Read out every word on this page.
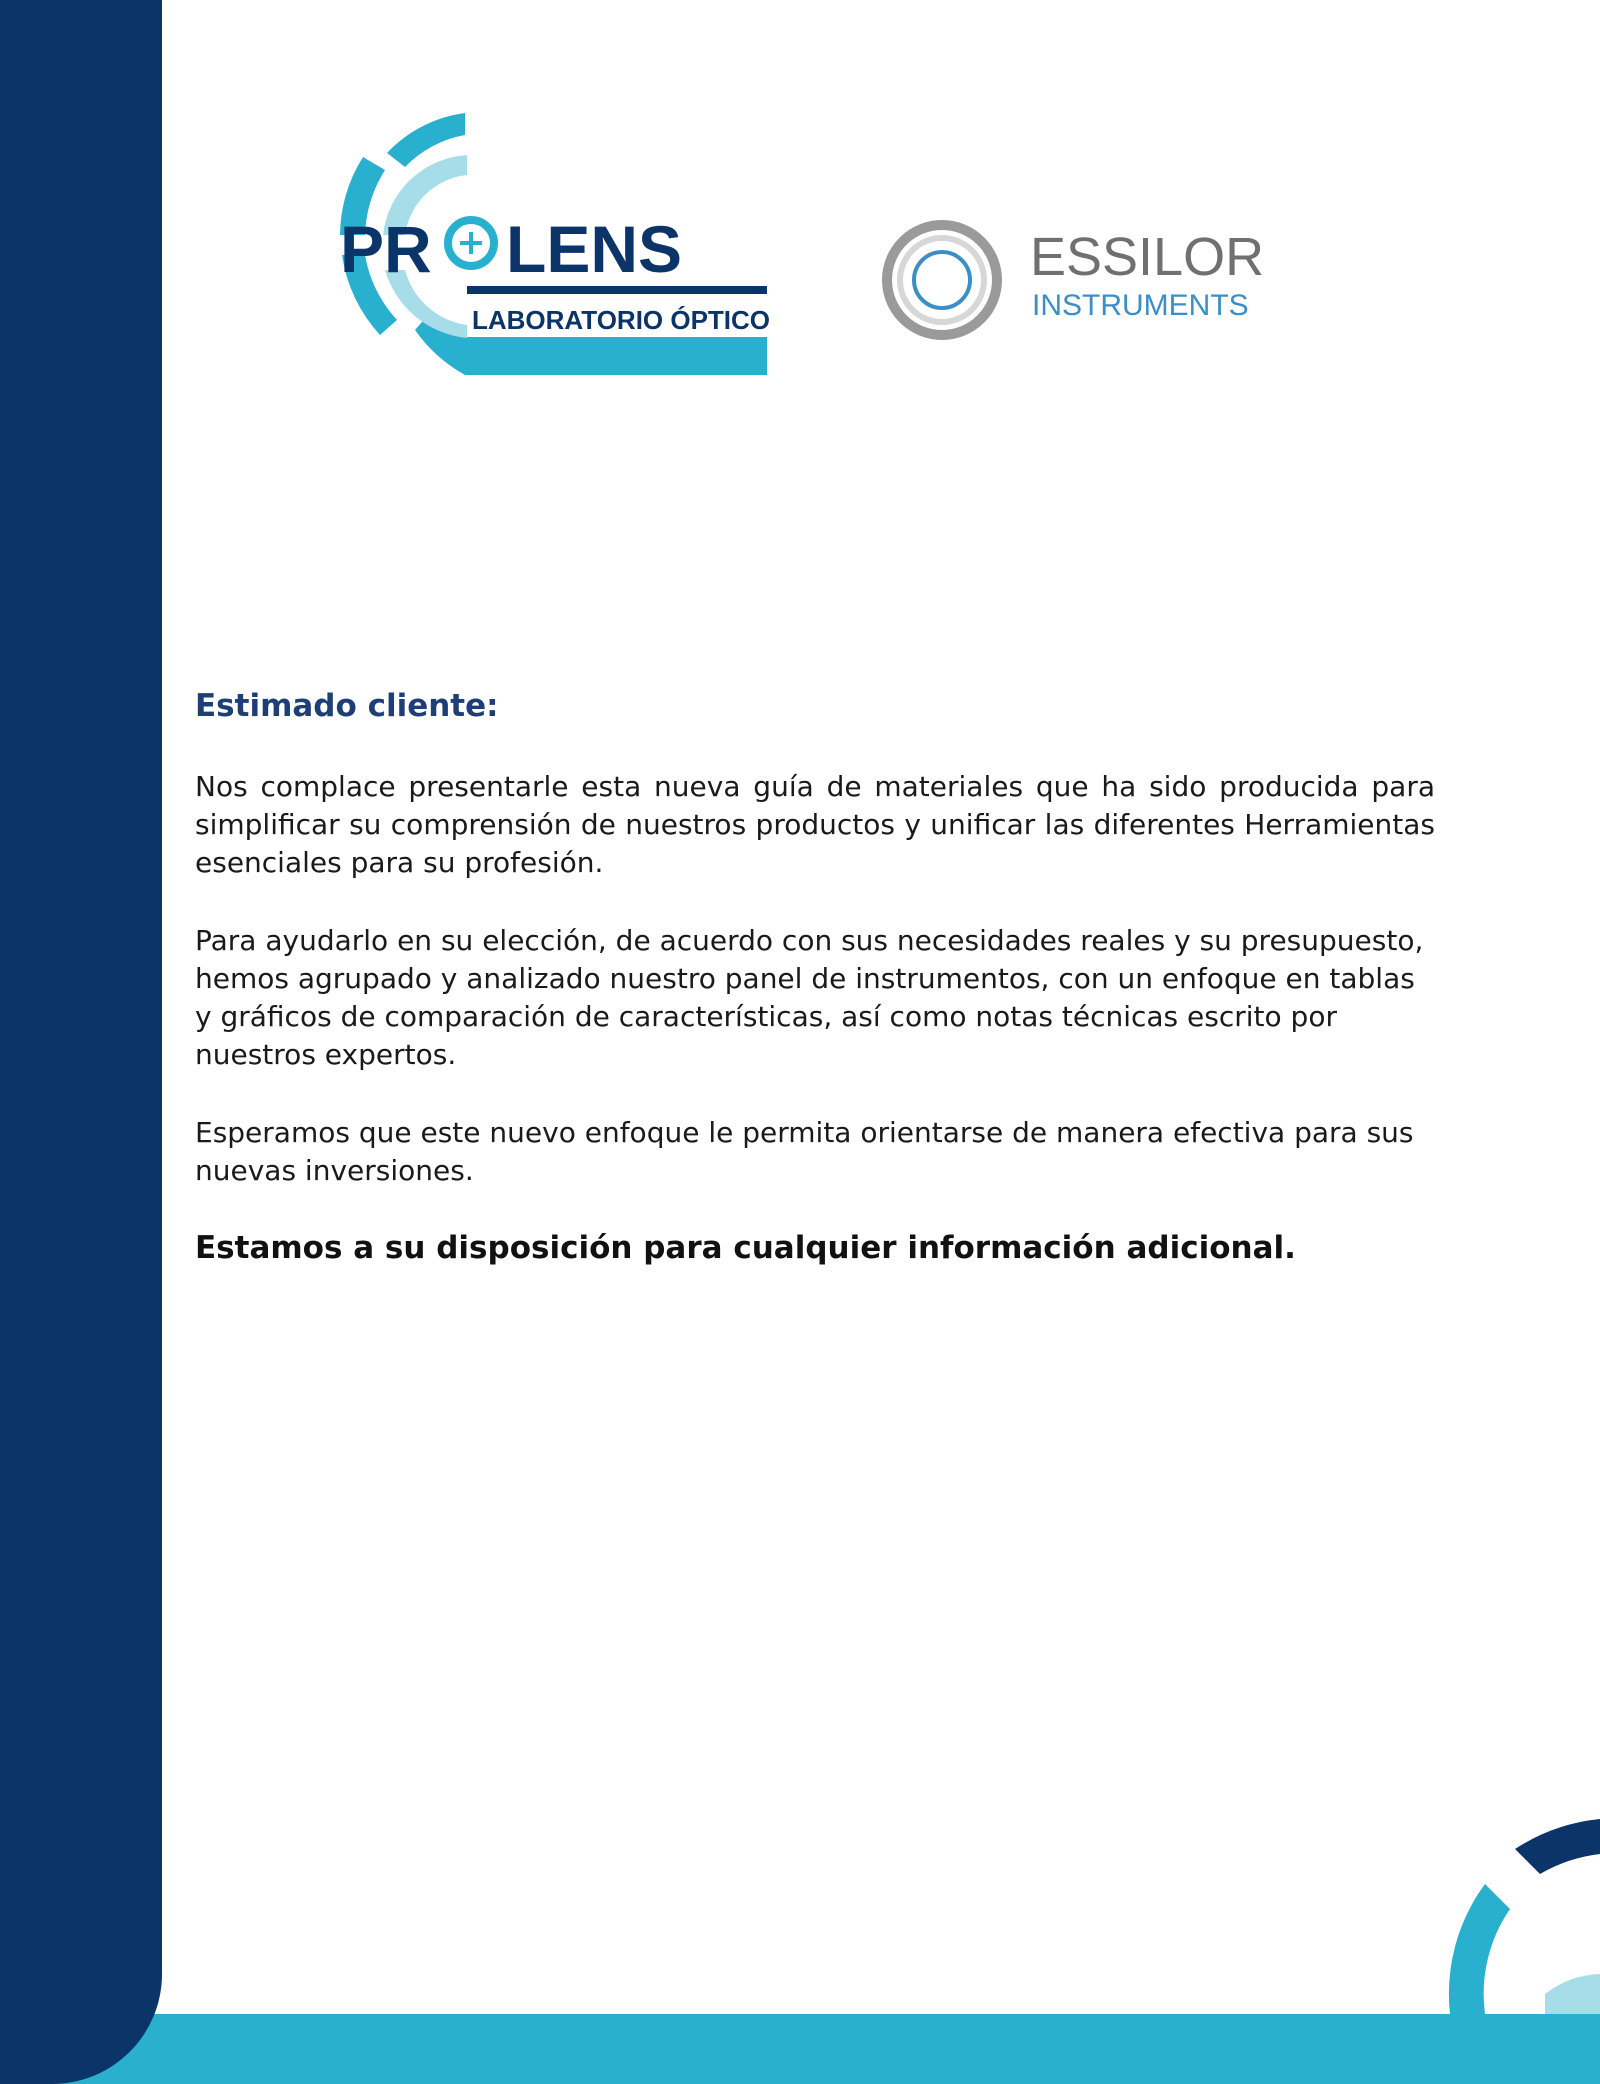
PR LENS
LABORATORIO ÓPTICO
ESSILOR
INSTRUMENTS
Estimado cliente:

Nos complace presentarle esta nueva guía de materiales que ha sido producida para simplificar su comprensión de nuestros productos y unificar las diferentes Herramientas esenciales para su profesión.

Para ayudarlo en su elección, de acuerdo con sus necesidades reales y su presupuesto, hemos agrupado y analizado nuestro panel de instrumentos, con un enfoque en tablas y gráficos de comparación de características, así como notas técnicas escrito por nuestros expertos.

Esperamos que este nuevo enfoque le permita orientarse de manera efectiva para sus nuevas inversiones.

Estamos a su disposición para cualquier información adicional.
